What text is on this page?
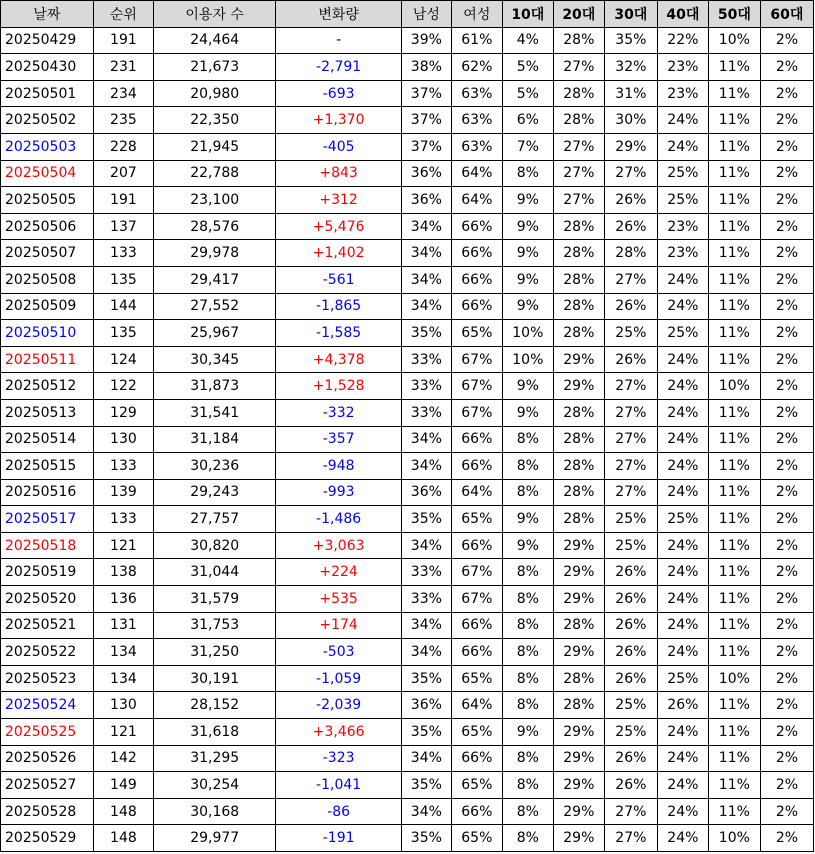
날짜	순위	이용자 수	변화량	남성	여성	10대	20대	30대	40대	50대	60대
20250429	191	24,464	-	39%	61%	4%	28%	35%	22%	10%	2%
20250430	231	21,673	-2,791	38%	62%	5%	27%	32%	23%	11%	2%
20250501	234	20,980	-693	37%	63%	5%	28%	31%	23%	11%	2%
20250502	235	22,350	+1,370	37%	63%	6%	28%	30%	24%	11%	2%
20250503	228	21,945	-405	37%	63%	7%	27%	29%	24%	11%	2%
20250504	207	22,788	+843	36%	64%	8%	27%	27%	25%	11%	2%
20250505	191	23,100	+312	36%	64%	9%	27%	26%	25%	11%	2%
20250506	137	28,576	+5,476	34%	66%	9%	28%	26%	23%	11%	2%
20250507	133	29,978	+1,402	34%	66%	9%	28%	28%	23%	11%	2%
20250508	135	29,417	-561	34%	66%	9%	28%	27%	24%	11%	2%
20250509	144	27,552	-1,865	34%	66%	9%	28%	26%	24%	11%	2%
20250510	135	25,967	-1,585	35%	65%	10%	28%	25%	25%	11%	2%
20250511	124	30,345	+4,378	33%	67%	10%	29%	26%	24%	11%	2%
20250512	122	31,873	+1,528	33%	67%	9%	29%	27%	24%	10%	2%
20250513	129	31,541	-332	33%	67%	9%	28%	27%	24%	11%	2%
20250514	130	31,184	-357	34%	66%	8%	28%	27%	24%	11%	2%
20250515	133	30,236	-948	34%	66%	8%	28%	27%	24%	11%	2%
20250516	139	29,243	-993	36%	64%	8%	28%	27%	24%	11%	2%
20250517	133	27,757	-1,486	35%	65%	9%	28%	25%	25%	11%	2%
20250518	121	30,820	+3,063	34%	66%	9%	29%	25%	24%	11%	2%
20250519	138	31,044	+224	33%	67%	8%	29%	26%	24%	11%	2%
20250520	136	31,579	+535	33%	67%	8%	29%	26%	24%	11%	2%
20250521	131	31,753	+174	34%	66%	8%	28%	26%	24%	11%	2%
20250522	134	31,250	-503	34%	66%	8%	29%	26%	24%	11%	2%
20250523	134	30,191	-1,059	35%	65%	8%	28%	26%	25%	10%	2%
20250524	130	28,152	-2,039	36%	64%	8%	28%	25%	26%	11%	2%
20250525	121	31,618	+3,466	35%	65%	9%	29%	25%	24%	11%	2%
20250526	142	31,295	-323	34%	66%	8%	29%	26%	24%	11%	2%
20250527	149	30,254	-1,041	35%	65%	8%	29%	26%	24%	11%	2%
20250528	148	30,168	-86	34%	66%	8%	29%	27%	24%	11%	2%
20250529	148	29,977	-191	35%	65%	8%	29%	27%	24%	10%	2%
